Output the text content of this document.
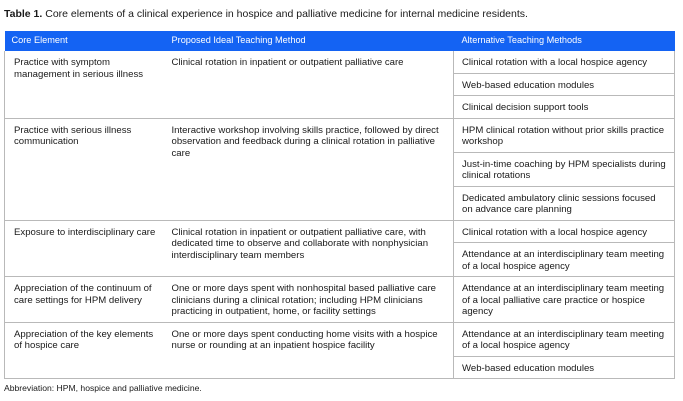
Table 1. Core elements of a clinical experience in hospice and palliative medicine for internal medicine residents.
Core Element	Proposed Ideal Teaching Method	Alternative Teaching Methods
Practice with symptom management in serious illness	Clinical rotation in inpatient or outpatient palliative care	Clinical rotation with a local hospice agency
		Web-based education modules
		Clinical decision support tools
Practice with serious illness communication	Interactive workshop involving skills practice, followed by direct observation and feedback during a clinical rotation in palliative care	HPM clinical rotation without prior skills practice workshop
		Just-in-time coaching by HPM specialists during clinical rotations
		Dedicated ambulatory clinic sessions focused on advance care planning
Exposure to interdisciplinary care	Clinical rotation in inpatient or outpatient palliative care, with dedicated time to observe and collaborate with nonphysician interdisciplinary team members	Clinical rotation with a local hospice agency
		Attendance at an interdisciplinary team meeting of a local hospice agency
Appreciation of the continuum of care settings for HPM delivery	One or more days spent with nonhospital based palliative care clinicians during a clinical rotation; including HPM clinicians practicing in outpatient, home, or facility settings	Attendance at an interdisciplinary team meeting of a local palliative care practice or hospice agency
Appreciation of the key elements of hospice care	One or more days spent conducting home visits with a hospice nurse or rounding at an inpatient hospice facility	Attendance at an interdisciplinary team meeting of a local hospice agency
		Web-based education modules
Abbreviation: HPM, hospice and palliative medicine.
